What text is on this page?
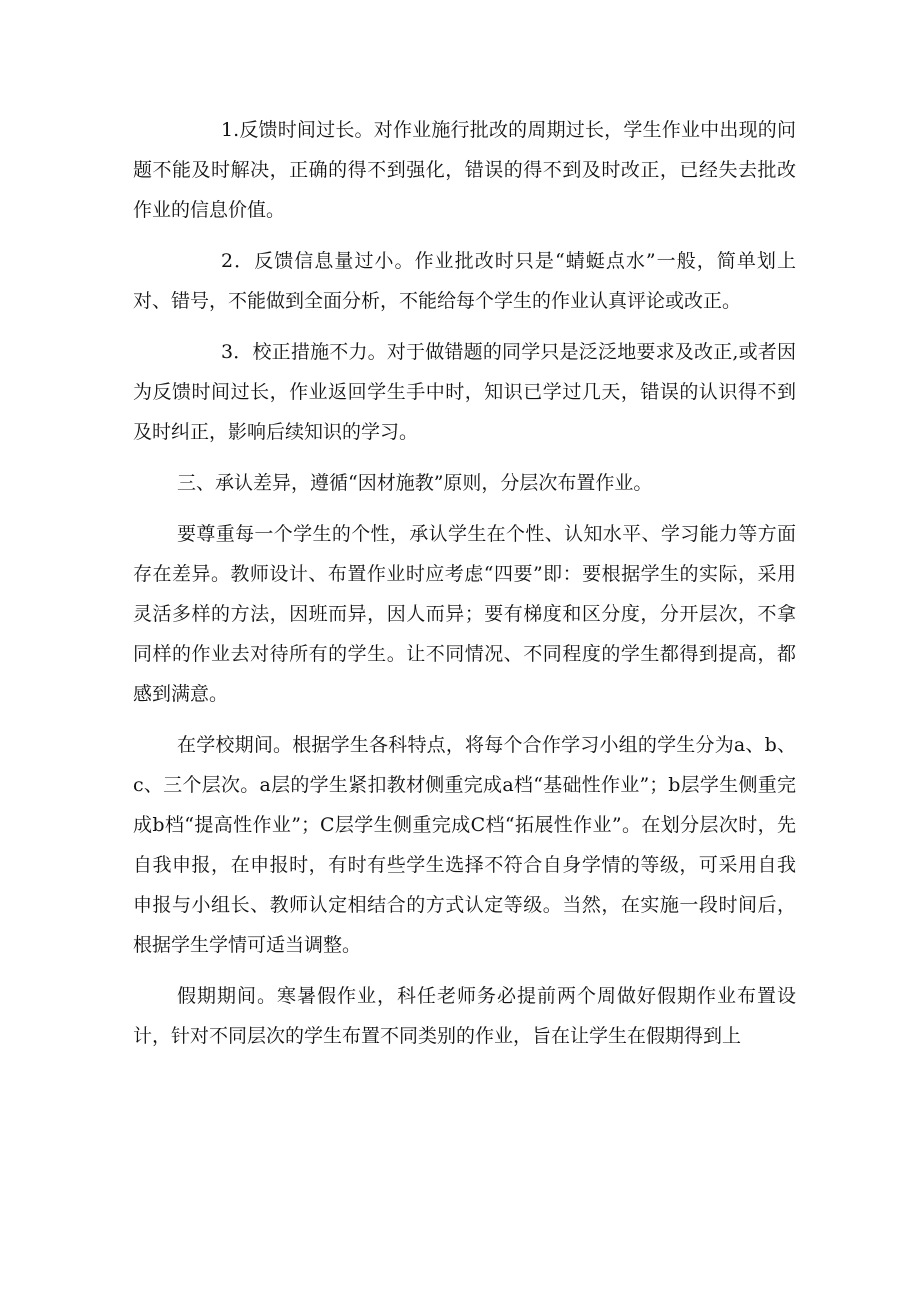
1.反馈时间过长。对作业施行批改的周期过长，学生作业中出现的问题不能及时解决，正确的得不到强化，错误的得不到及时改正，已经失去批改作业的信息价值。

2．反馈信息量过小。作业批改时只是“蜻蜓点水”一般，简单划上对、错号，不能做到全面分析，不能给每个学生的作业认真评论或改正。

3．校正措施不力。对于做错题的同学只是泛泛地要求及改正,或者因为反馈时间过长，作业返回学生手中时，知识已学过几天，错误的认识得不到及时纠正，影响后续知识的学习。

三、承认差异，遵循“因材施教”原则，分层次布置作业。

要尊重每一个学生的个性，承认学生在个性、认知水平、学习能力等方面存在差异。教师设计、布置作业时应考虑“四要”即：要根据学生的实际，采用灵活多样的方法，因班而异，因人而异；要有梯度和区分度，分开层次，不拿同样的作业去对待所有的学生。让不同情况、不同程度的学生都得到提高，都感到满意。

在学校期间。根据学生各科特点，将每个合作学习小组的学生分为a、b、c、三个层次。a层的学生紧扣教材侧重完成a档“基础性作业”；b层学生侧重完成b档“提高性作业”；C层学生侧重完成C档“拓展性作业”。在划分层次时，先自我申报，在申报时，有时有些学生选择不符合自身学情的等级，可采用自我申报与小组长、教师认定相结合的方式认定等级。当然，在实施一段时间后，根据学生学情可适当调整。

假期期间。寒暑假作业，科任老师务必提前两个周做好假期作业布置设计，针对不同层次的学生布置不同类别的作业，旨在让学生在假期得到上
